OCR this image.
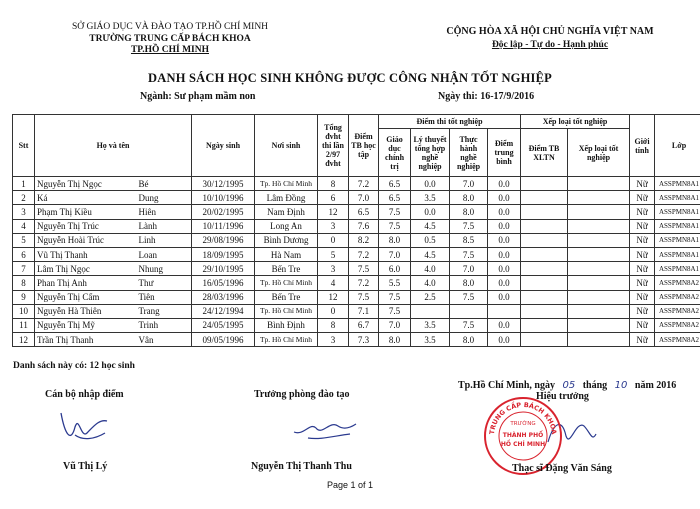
SỞ GIÁO DỤC VÀ ĐÀO TẠO TP.HỒ CHÍ MINH
TRƯỜNG TRUNG CẤP BÁCH KHOA
TP.HỒ CHÍ MINH
CỘNG HÒA XÃ HỘI CHỦ NGHĨA VIỆT NAM
Độc lập - Tự do - Hạnh phúc
DANH SÁCH HỌC SINH KHÔNG ĐƯỢC CÔNG NHẬN TỐT NGHIỆP
Ngành: Sư phạm mầm non	Ngày thi: 16-17/9/2016
Stt	Họ và tên		Ngày sinh	Nơi sinh	Tổng đvht thi lần 2/97 đvht	Điểm TB học tập	Điểm thi tốt nghiệp				Xếp loại tốt nghiệp		Giới tính	Lớp
							Giáo dục chính trị	Lý thuyết tổng hợp nghề nghiệp	Thực hành nghề nghiệp	Điểm trung bình	Điểm TB XLTN	Xếp loại tốt nghiệp		
1	Nguyễn Thị Ngọc	Bé	30/12/1995	Tp. Hồ Chí Minh	8	7.2	6.5	0.0	7.0	0.0			Nữ	ASSPMN8A1
2	Ká	Dung	10/10/1996	Lâm Đồng	6	7.0	6.5	3.5	8.0	0.0			Nữ	ASSPMN8A1
3	Phạm Thị Kiều	Hiên	20/02/1995	Nam Định	12	6.5	7.5	0.0	8.0	0.0			Nữ	ASSPMN8A1
4	Nguyễn Thị Trúc	Lành	10/11/1996	Long An	3	7.6	7.5	4.5	7.5	0.0			Nữ	ASSPMN8A1
5	Nguyễn Hoài Trúc	Linh	29/08/1996	Bình Dương	0	8.2	8.0	0.5	8.5	0.0			Nữ	ASSPMN8A1
6	Vũ Thị Thanh	Loan	18/09/1995	Hà Nam	5	7.2	7.0	4.5	7.5	0.0			Nữ	ASSPMN8A1
7	Lâm Thị Ngọc	Nhung	29/10/1995	Bến Tre	3	7.5	6.0	4.0	7.0	0.0			Nữ	ASSPMN8A1
8	Phan Thị Anh	Thư	16/05/1996	Tp. Hồ Chí Minh	4	7.2	5.5	4.0	8.0	0.0			Nữ	ASSPMN8A2
9	Nguyễn Thị Cẩm	Tiên	28/03/1996	Bến Tre	12	7.5	7.5	2.5	7.5	0.0			Nữ	ASSPMN8A2
10	Nguyễn Hà Thiên	Trang	24/12/1994	Tp. Hồ Chí Minh	0	7.1	7.5						Nữ	ASSPMN8A2
11	Nguyễn Thị Mỹ	Trinh	24/05/1995	Bình Định	8	6.7	7.0	3.5	7.5	0.0			Nữ	ASSPMN8A2
12	Trần Thị Thanh	Vân	09/05/1996	Tp. Hồ Chí Minh	3	7.3	8.0	3.5	8.0	0.0			Nữ	ASSPMN8A2
Danh sách này có: 12 học sinh
Tp.Hồ Chí Minh, ngày 05 tháng 10 năm 2016
Cán bộ nhập điểm	Trưởng phòng đào tạo	Hiệu trưởng
TRUNG CẤP BÁCH KHOA
TRƯỜNG
THÀNH PHỐ
HỒ CHÍ MINH
Vũ Thị Lý	Nguyễn Thị Thanh Thu	Thạc sĩ Đặng Văn Sáng
Page 1 of 1
